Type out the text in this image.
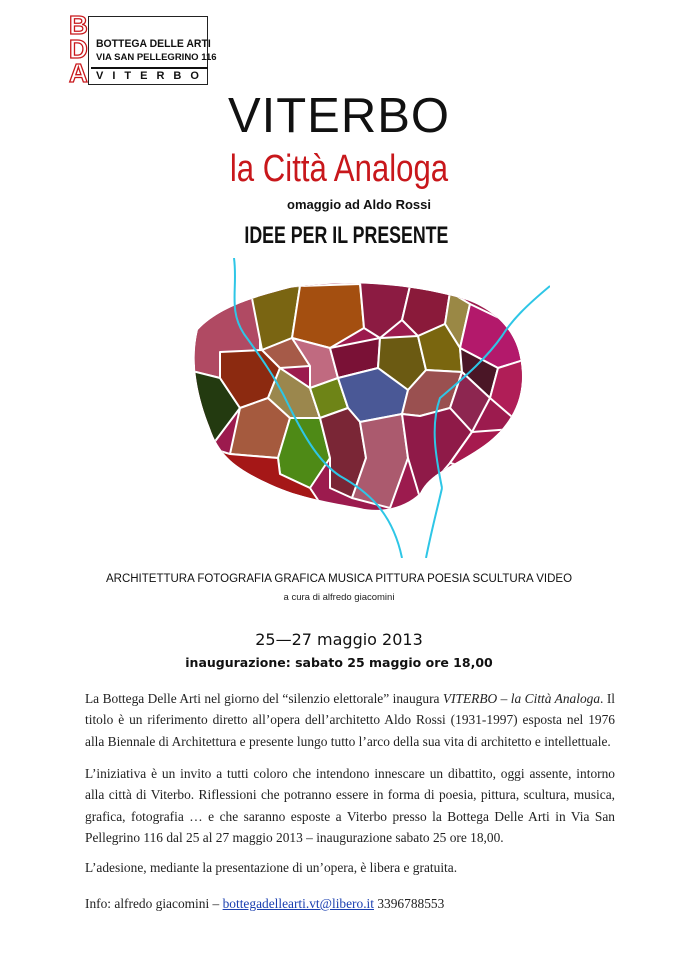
B
D
A
BOTTEGA DELLE ARTI
VIA SAN PELLEGRINO 116
VITERBO
VITERBO
la Città Analoga
omaggio ad Aldo Rossi
IDEE PER IL PRESENTE
ARCHITETTURA FOTOGRAFIA GRAFICA MUSICA PITTURA POESIA SCULTURA VIDEO
a cura di alfredo giacomini
25—27 maggio 2013
inaugurazione: sabato 25 maggio ore 18,00
La Bottega Delle Arti nel giorno del “silenzio elettorale” inaugura VITERBO – la Città Analoga. Il titolo è un riferimento diretto all’opera dell’architetto Aldo Rossi (1931-1997) esposta nel 1976 alla Biennale di Architettura e presente lungo tutto l’arco della sua vita di architetto e intellettuale.
L’iniziativa è un invito a tutti coloro che intendono innescare un dibattito, oggi assente, intorno alla città di Viterbo. Riflessioni che potranno essere in forma di poesia, pittura, scultura, musica, grafica, fotografia … e che saranno esposte a Viterbo presso la Bottega Delle Arti in Via San Pellegrino 116 dal 25 al 27 maggio 2013 – inaugurazione sabato 25 ore 18,00.
L’adesione, mediante la presentazione di un’opera, è libera e gratuita.
Info: alfredo giacomini – bottegadellearti.vt@libero.it 3396788553
